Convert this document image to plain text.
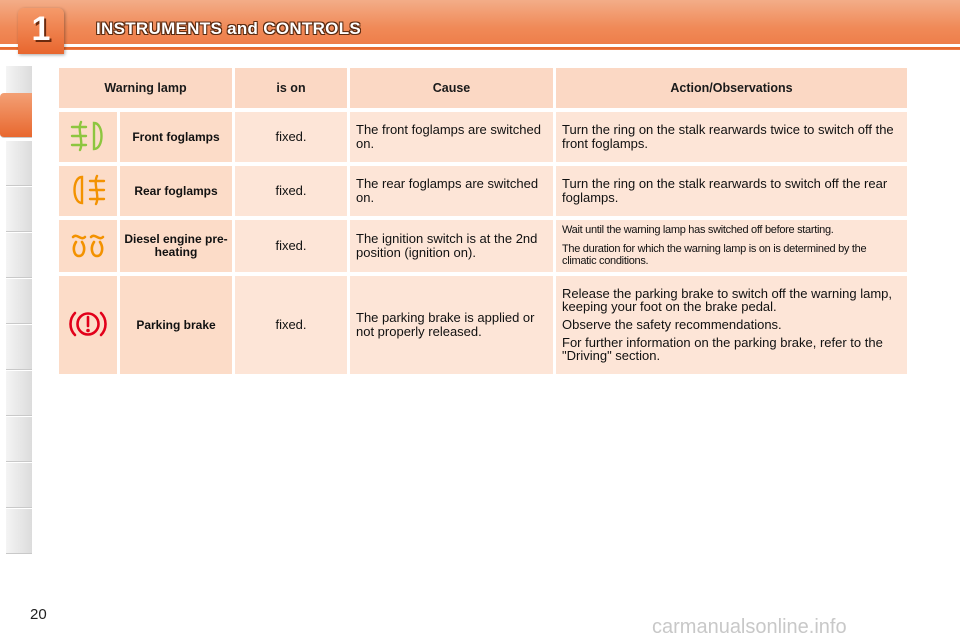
1	INSTRUMENTS and CONTROLS
Warning lamp		is on	Cause	Action/Observations
	Front foglamps	fixed.	The front foglamps are switched on.	Turn the ring on the stalk rearwards twice to switch off the front foglamps.

	Rear foglamps	fixed.	The rear foglamps are switched on.	Turn the ring on the stalk rearwards to switch off the rear foglamps.

	Diesel engine pre-heating	fixed.	The ignition switch is at the 2nd position (ignition on).	Wait until the warning lamp has switched off before starting.

The duration for which the warning lamp is on is determined by the climatic conditions.

	Parking brake	fixed.	The parking brake is applied or not properly released.	Release the parking brake to switch off the warning lamp, keeping your foot on the brake pedal.

Observe the safety recommendations.

For further information on the parking brake, refer to the "Driving" section.

20
carmanualsonline.info
